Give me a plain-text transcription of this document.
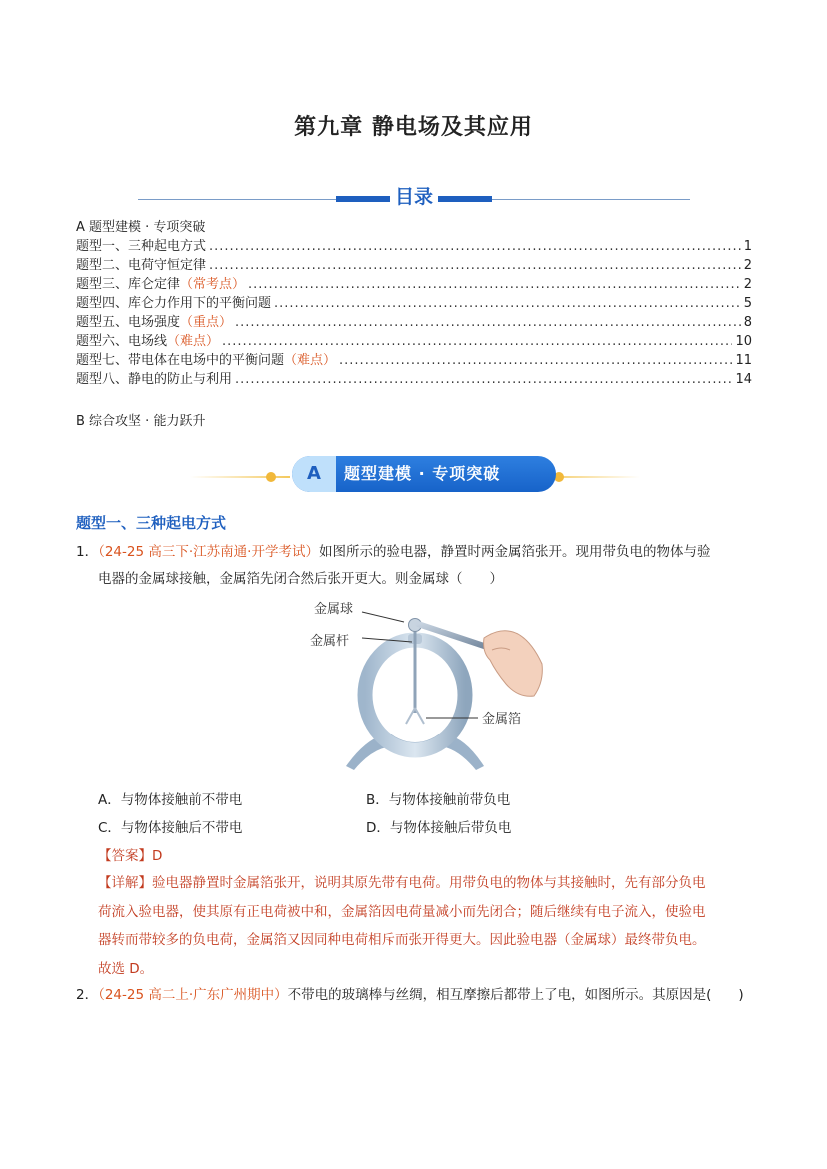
第九章 静电场及其应用
目录
A 题型建模 · 专项突破
题型一、三种起电方式 .....	1
题型二、电荷守恒定律 .....	2
题型三、库仑定律 （常考点） .....	2
题型四、库仑力作用下的平衡问题 .....	5
题型五、电场强度 （重点） .....	8
题型六、电场线 （难点） .....	10
题型七、带电体在电场中的平衡问题 （难点） .....	11
题型八、静电的防止与利用 .....	14
B 综合攻坚 · 能力跃升
A	题型建模 · 专项突破
题型一、三种起电方式
1．（24-25 高三下·江苏南通·开学考试）如图所示的验电器，静置时两金属箔张开。现用带负电的物体与验
电器的金属球接触，金属箔先闭合然后张开更大。则金属球（　　）
金属球
金属杆
金属箔
A．与物体接触前不带电	B．与物体接触前带负电
C．与物体接触后不带电	D．与物体接触后带负电
【答案】D
【详解】验电器静置时金属箔张开，说明其原先带有电荷。用带负电的物体与其接触时，先有部分负电
荷流入验电器，使其原有正电荷被中和，金属箔因电荷量减小而先闭合；随后继续有电子流入，使验电
器转而带较多的负电荷，金属箔又因同种电荷相斥而张开得更大。因此验电器（金属球）最终带负电。
故选 D。
2．（24-25 高二上·广东广州期中）不带电的玻璃棒与丝绸，相互摩擦后都带上了电，如图所示。其原因是(　　)
